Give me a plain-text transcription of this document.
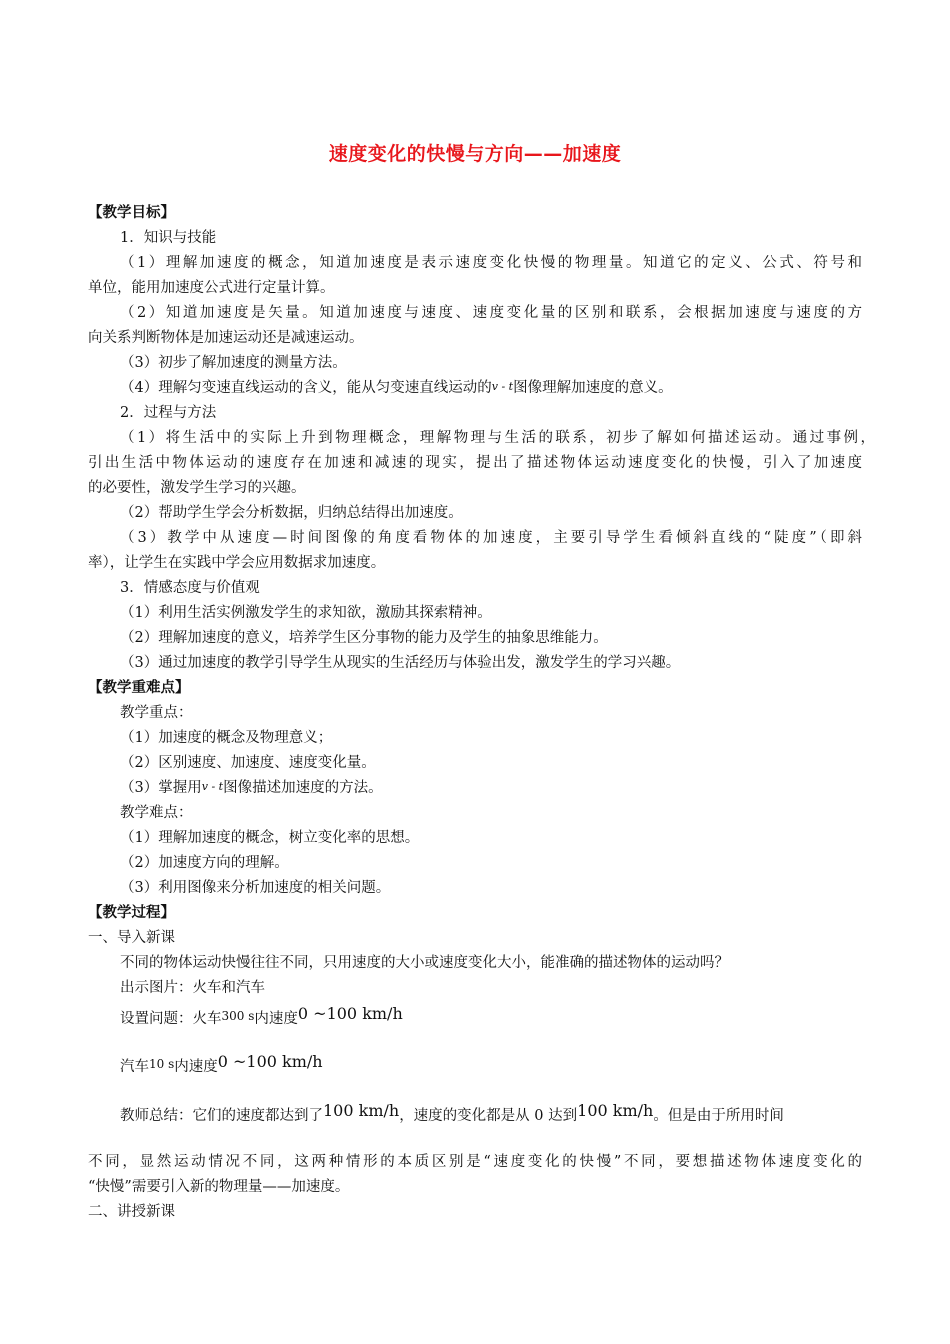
速度变化的快慢与方向——加速度
【教学目标】
1．知识与技能
（1）理解加速度的概念，知道加速度是表示速度变化快慢的物理量。知道它的定义、公式、符号和
单位，能用加速度公式进行定量计算。
（2）知道加速度是矢量。知道加速度与速度、速度变化量的区别和联系，会根据加速度与速度的方
向关系判断物体是加速运动还是减速运动。
（3）初步了解加速度的测量方法。
（4）理解匀变速直线运动的含义，能从匀变速直线运动的v - t图像理解加速度的意义。
2．过程与方法
（1）将生活中的实际上升到物理概念，理解物理与生活的联系，初步了解如何描述运动。通过事例，
引出生活中物体运动的速度存在加速和减速的现实，提出了描述物体运动速度变化的快慢，引入了加速度
的必要性，激发学生学习的兴趣。
（2）帮助学生学会分析数据，归纳总结得出加速度。
（3）教学中从速度—时间图像的角度看物体的加速度，主要引导学生看倾斜直线的“陡度”（即斜
率），让学生在实践中学会应用数据求加速度。
3．情感态度与价值观
（1）利用生活实例激发学生的求知欲，激励其探索精神。
（2）理解加速度的意义，培养学生区分事物的能力及学生的抽象思维能力。
（3）通过加速度的教学引导学生从现实的生活经历与体验出发，激发学生的学习兴趣。
【教学重难点】
教学重点：
（1）加速度的概念及物理意义；
（2）区别速度、加速度、速度变化量。
（3）掌握用v - t图像描述加速度的方法。
教学难点：
（1）理解加速度的概念，树立变化率的思想。
（2）加速度方向的理解。
（3）利用图像来分析加速度的相关问题。
【教学过程】
一、导入新课
不同的物体运动快慢往往不同，只用速度的大小或速度变化大小，能准确的描述物体的运动吗？
出示图片：火车和汽车
设置问题：火车$^{300 s}$内速度0 ~100 km/h
汽车$^{10 s}$内速度0 ~100 km/h
教师总结：它们的速度都达到了100 km/h，速度的变化都是从 0 达到100 km/h。但是由于所用时间
不同，显然运动情况不同，这两种情形的本质区别是“速度变化的快慢”不同，要想描述物体速度变化的
“快慢”需要引入新的物理量——加速度。
二、讲授新课
